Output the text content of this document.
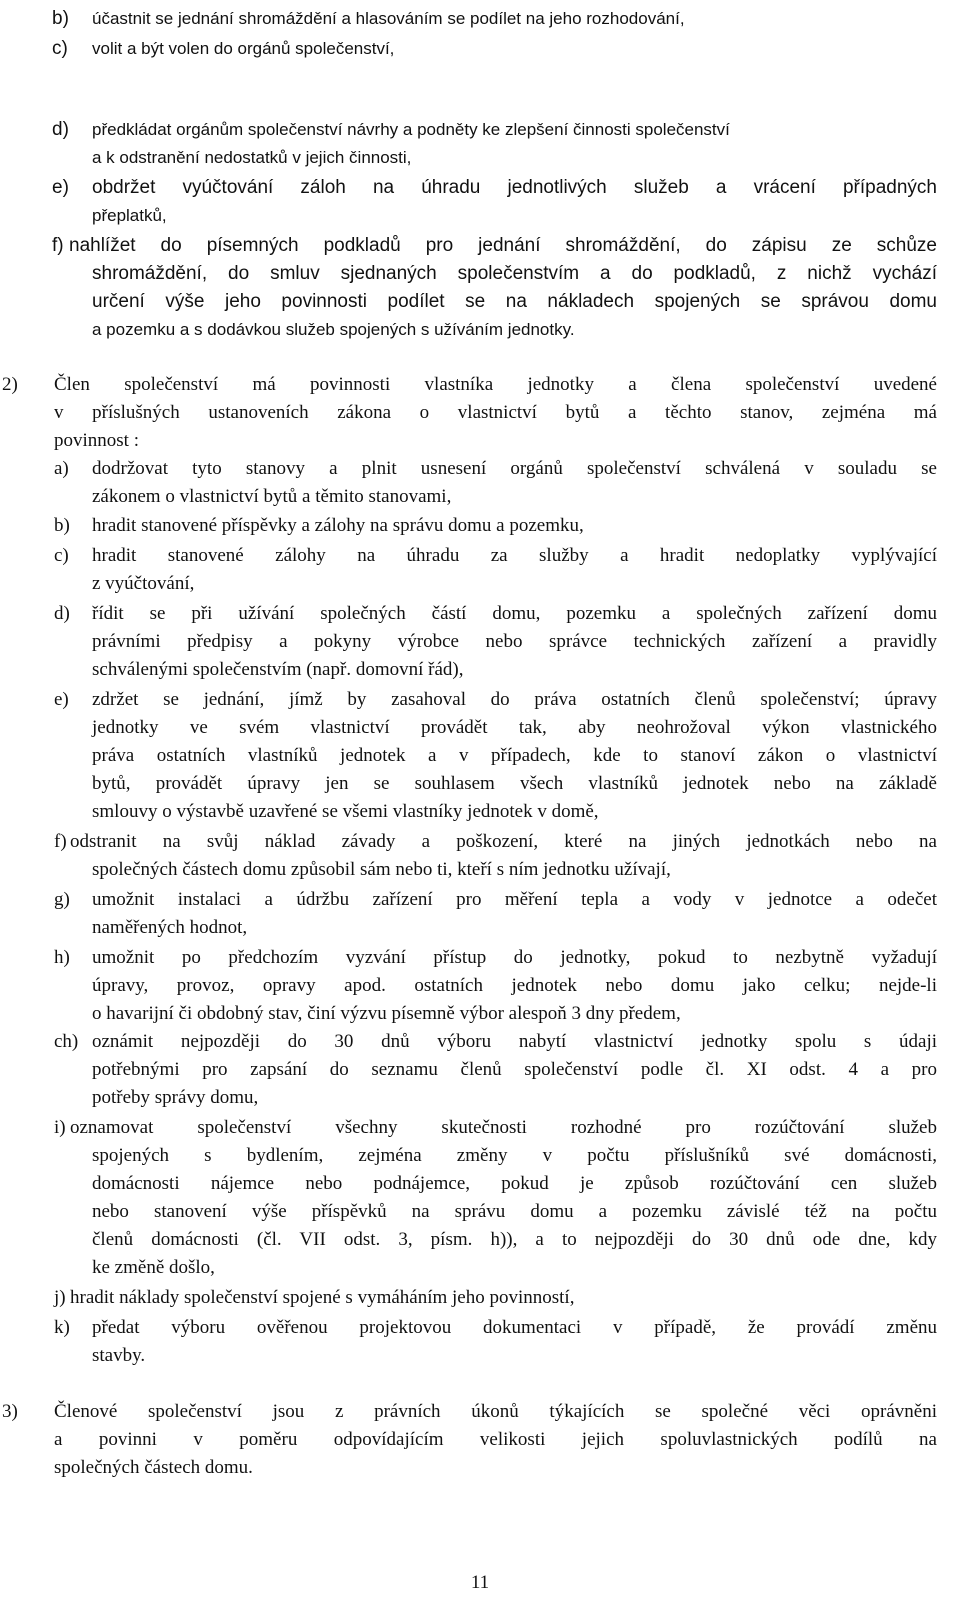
b) účastnit se jednání shromáždění a hlasováním se podílet na jeho rozhodování,
c) volit a být volen do orgánů společenství,
d) předkládat orgánům společenství návrhy a podněty ke zlepšení činnosti společenství
a k odstranění nedostatků v jejich činnosti,
e) obdržet vyúčtování záloh na úhradu jednotlivých služeb a vrácení případných
přeplatků,
f) nahlížet do písemných podkladů pro jednání shromáždění, do zápisu ze schůze
shromáždění, do smluv sjednaných společenstvím a do podkladů, z nichž vychází
určení výše jeho povinnosti podílet se na nákladech spojených se správou domu
a pozemku a s dodávkou služeb spojených s užíváním jednotky.
2) Člen společenství má povinnosti vlastníka jednotky a člena společenství uvedené
v příslušných ustanoveních zákona o vlastnictví bytů a těchto stanov, zejména má
povinnost :
a) dodržovat tyto stanovy a plnit usnesení orgánů společenství schválená v souladu se
zákonem o vlastnictví bytů a těmito stanovami,
b) hradit stanovené příspěvky a zálohy na správu domu a pozemku,
c) hradit stanovené zálohy na úhradu za služby a hradit nedoplatky vyplývající
z vyúčtování,
d) řídit se při užívání společných částí domu, pozemku a společných zařízení domu
právními předpisy a pokyny výrobce nebo správce technických zařízení a pravidly
schválenými společenstvím (např. domovní řád),
e) zdržet se jednání, jímž by zasahoval do práva ostatních členů společenství; úpravy
jednotky ve svém vlastnictví provádět tak, aby neohrožoval výkon vlastnického
práva ostatních vlastníků jednotek a v případech, kde to stanoví zákon o vlastnictví
bytů, provádět úpravy jen se souhlasem všech vlastníků jednotek nebo na základě
smlouvy o výstavbě uzavřené se všemi vlastníky jednotek v domě,
f) odstranit na svůj náklad závady a poškození, které na jiných jednotkách nebo na
společných částech domu způsobil sám nebo ti, kteří s ním jednotku užívají,
g) umožnit instalaci a údržbu zařízení pro měření tepla a vody v jednotce a odečet
naměřených hodnot,
h) umožnit po předchozím vyzvání přístup do jednotky, pokud to nezbytně vyžadují
úpravy, provoz, opravy apod. ostatních jednotek nebo domu jako celku; nejde-li
o havarijní či obdobný stav, činí výzvu písemně výbor alespoň 3 dny předem,
ch) oznámit nejpozději do 30 dnů výboru nabytí vlastnictví jednotky spolu s údaji
potřebnými pro zapsání do seznamu členů společenství podle čl. XI odst. 4 a pro
potřeby správy domu,
i) oznamovat společenství všechny skutečnosti rozhodné pro rozúčtování služeb
spojených s bydlením, zejména změny v počtu příslušníků své domácnosti,
domácnosti nájemce nebo podnájemce, pokud je způsob rozúčtování cen služeb
nebo stanovení výše příspěvků na správu domu a pozemku závislé též na počtu
členů domácnosti (čl. VII odst. 3, písm. h)), a to nejpozději do 30 dnů ode dne, kdy
ke změně došlo,
j) hradit náklady společenství spojené s vymáháním jeho povinností,
k) předat výboru ověřenou projektovou dokumentaci v případě, že provádí změnu
stavby.
3) Členové společenství jsou z právních úkonů týkajících se společné věci oprávněni
a povinni v poměru odpovídajícím velikosti jejich spoluvlastnických podílů na
společných částech domu.
11
